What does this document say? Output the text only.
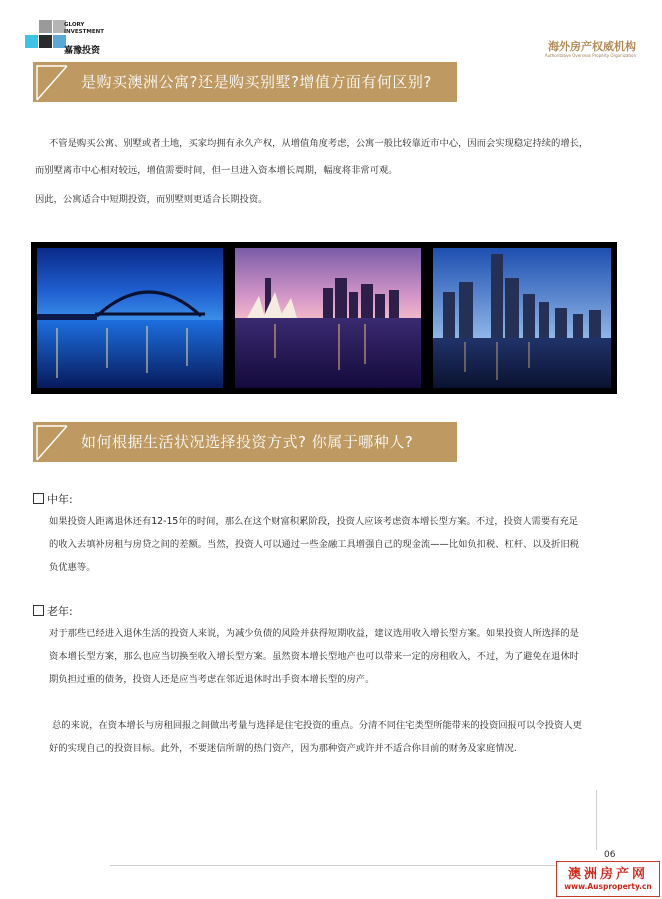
GLORY
INVESTMENT
嘉豫投资	海外房产权威机构
Authoritative Overseas Property Organization
是购买澳洲公寓?还是购买别墅?增值方面有何区别?
不管是购买公寓、别墅或者土地，买家均拥有永久产权，从增值角度考虑，公寓一般比较靠近市中心，因而会实现稳定持续的增长，
而别墅离市中心相对较远，增值需要时间，但一旦进入资本增长周期，幅度将非常可观。
因此，公寓适合中短期投资，而别墅则更适合长期投资。
如何根据生活状况选择投资方式? 你属于哪种人?
中年:
如果投资人距离退休还有12-15年的时间，那么在这个财富积累阶段，投资人应该考虑资本增长型方案。不过，投资人需要有充足
的收入去填补房租与房贷之间的差额。当然，投资人可以通过一些金融工具增强自己的现金流——比如负扣税、杠杆、以及折旧税
负优惠等。
老年:
对于那些已经进入退休生活的投资人来说，为减少负债的风险并获得短期收益，建议选用收入增长型方案。如果投资人所选择的是
资本增长型方案，那么也应当切换至收入增长型方案。虽然资本增长型地产也可以带来一定的房租收入，不过，为了避免在退休时
期负担过重的债务，投资人还是应当考虑在邻近退休时出手资本增长型的房产。
总的来说，在资本增长与房租回报之间做出考量与选择是住宅投资的重点。分清不同住宅类型所能带来的投资回报可以令投资人更
好的实现自己的投资目标。此外，不要迷信所谓的热门资产，因为那种资产或许并不适合你目前的财务及家庭情况.
06
澳洲房产网
www.Ausproperty.cn
